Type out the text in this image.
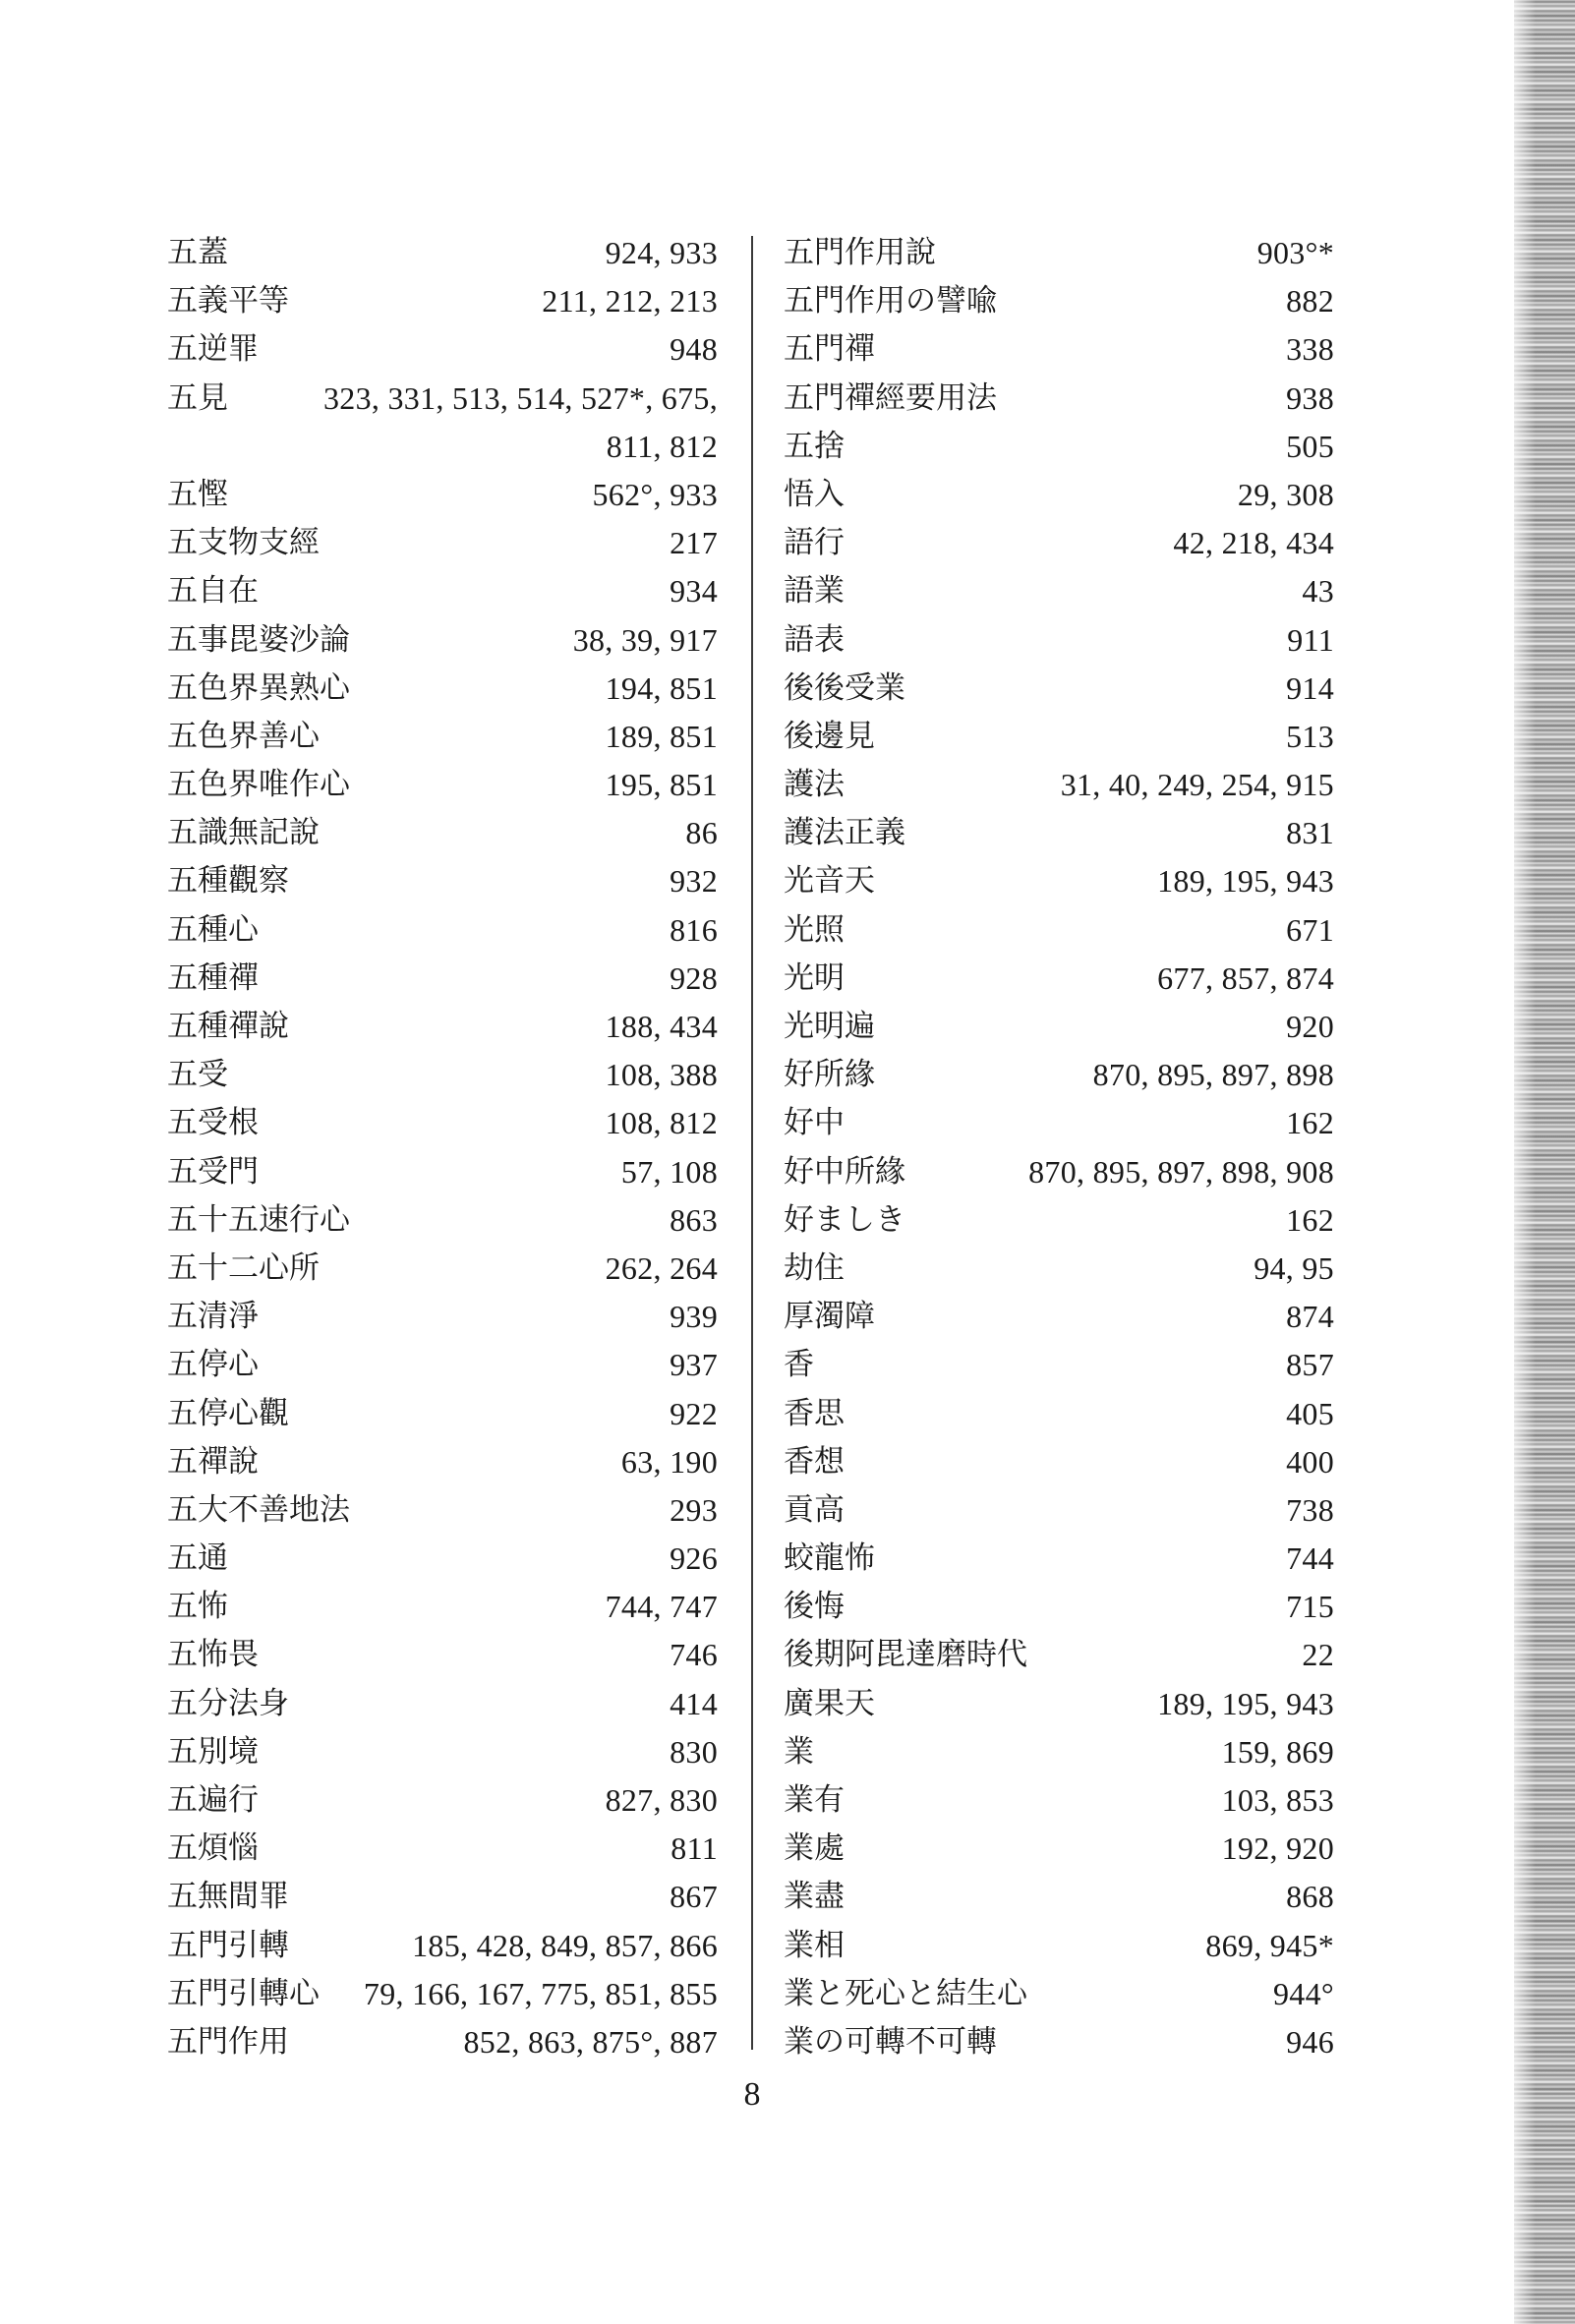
五蓋	924, 933
五義平等	211, 212, 213
五逆罪	948
五見	323, 331, 513, 514, 527*, 675,
811, 812
五慳	562°, 933
五支物支經	217
五自在	934
五事毘婆沙論	38, 39, 917
五色界異熟心	194, 851
五色界善心	189, 851
五色界唯作心	195, 851
五識無記說	86
五種觀察	932
五種心	816
五種禪	928
五種禪說	188, 434
五受	108, 388
五受根	108, 812
五受門	57, 108
五十五速行心	863
五十二心所	262, 264
五清淨	939
五停心	937
五停心觀	922
五禪說	63, 190
五大不善地法	293
五通	926
五怖	744, 747
五怖畏	746
五分法身	414
五別境	830
五遍行	827, 830
五煩惱	811
五無間罪	867
五門引轉	185, 428, 849, 857, 866
五門引轉心 79, 166, 167, 775, 851, 855
五門作用	852, 863, 875°, 887
五門作用說	903°*
五門作用の譬喩	882
五門禪	338
五門禪經要用法	938
五捨	505
悟入	29, 308
語行	42, 218, 434
語業	43
語表	911
後後受業	914
後邊見	513
護法	31, 40, 249, 254, 915
護法正義	831
光音天	189, 195, 943
光照	671
光明	677, 857, 874
光明遍	920
好所緣	870, 895, 897, 898
好中	162
好中所緣	870, 895, 897, 898, 908
好ましき	162
劫住	94, 95
厚濁障	874
香	857
香思	405
香想	400
貢高	738
蛟龍怖	744
後悔	715
後期阿毘達磨時代	22
廣果天	189, 195, 943
業	159, 869
業有	103, 853
業處	192, 920
業盡	868
業相	869, 945*
業と死心と結生心	944°
業の可轉不可轉	946
8
